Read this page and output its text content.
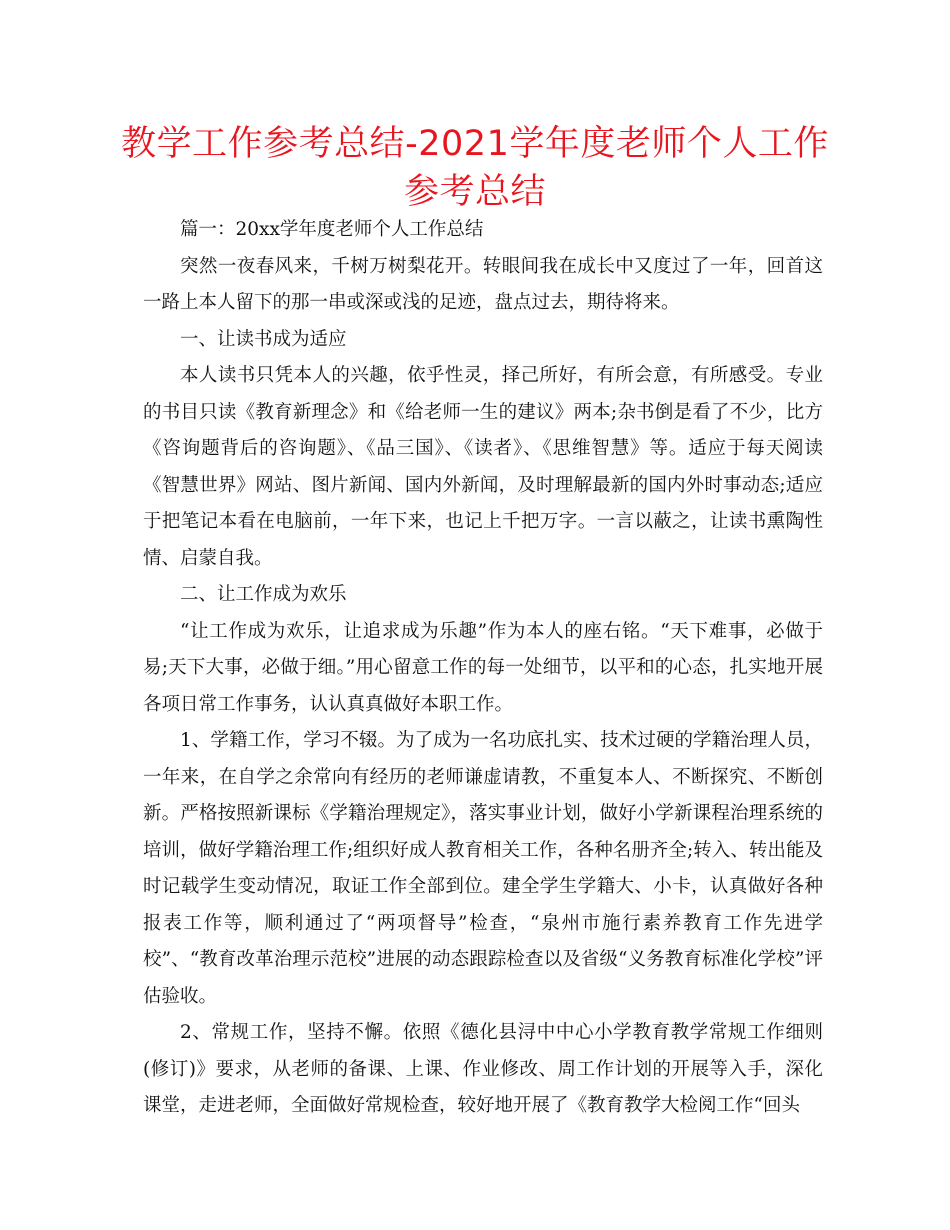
教学工作参考总结-2021学年度老师个人工作参考总结

篇一：20xx学年度老师个人工作总结

突然一夜春风来，千树万树梨花开。转眼间我在成长中又度过了一年，回首这一路上本人留下的那一串或深或浅的足迹，盘点过去，期待将来。

一、让读书成为适应

本人读书只凭本人的兴趣，依乎性灵，择己所好，有所会意，有所感受。专业的书目只读《教育新理念》和《给老师一生的建议》两本;杂书倒是看了不少，比方《咨询题背后的咨询题》、《品三国》、《读者》、《思维智慧》等。适应于每天阅读《智慧世界》网站、图片新闻、国内外新闻，及时理解最新的国内外时事动态;适应于把笔记本看在电脑前，一年下来，也记上千把万字。一言以蔽之，让读书熏陶性情、启蒙自我。

二、让工作成为欢乐

“让工作成为欢乐，让追求成为乐趣”作为本人的座右铭。“天下难事，必做于易;天下大事，必做于细。”用心留意工作的每一处细节，以平和的心态，扎实地开展各项日常工作事务，认认真真做好本职工作。

1、学籍工作，学习不辍。为了成为一名功底扎实、技术过硬的学籍治理人员，一年来，在自学之余常向有经历的老师谦虚请教，不重复本人、不断探究、不断创新。严格按照新课标《学籍治理规定》，落实事业计划，做好小学新课程治理系统的培训，做好学籍治理工作;组织好成人教育相关工作，各种名册齐全;转入、转出能及时记载学生变动情况，取证工作全部到位。建全学生学籍大、小卡，认真做好各种报表工作等，顺利通过了“两项督导”检查，“泉州市施行素养教育工作先进学校”、“教育改革治理示范校”进展的动态跟踪检查以及省级“义务教育标准化学校”评估验收。

2、常规工作，坚持不懈。依照《德化县浔中中心小学教育教学常规工作细则(修订)》要求，从老师的备课、上课、作业修改、周工作计划的开展等入手，深化课堂，走进老师，全面做好常规检查，较好地开展了《教育教学大检阅工作“回头
